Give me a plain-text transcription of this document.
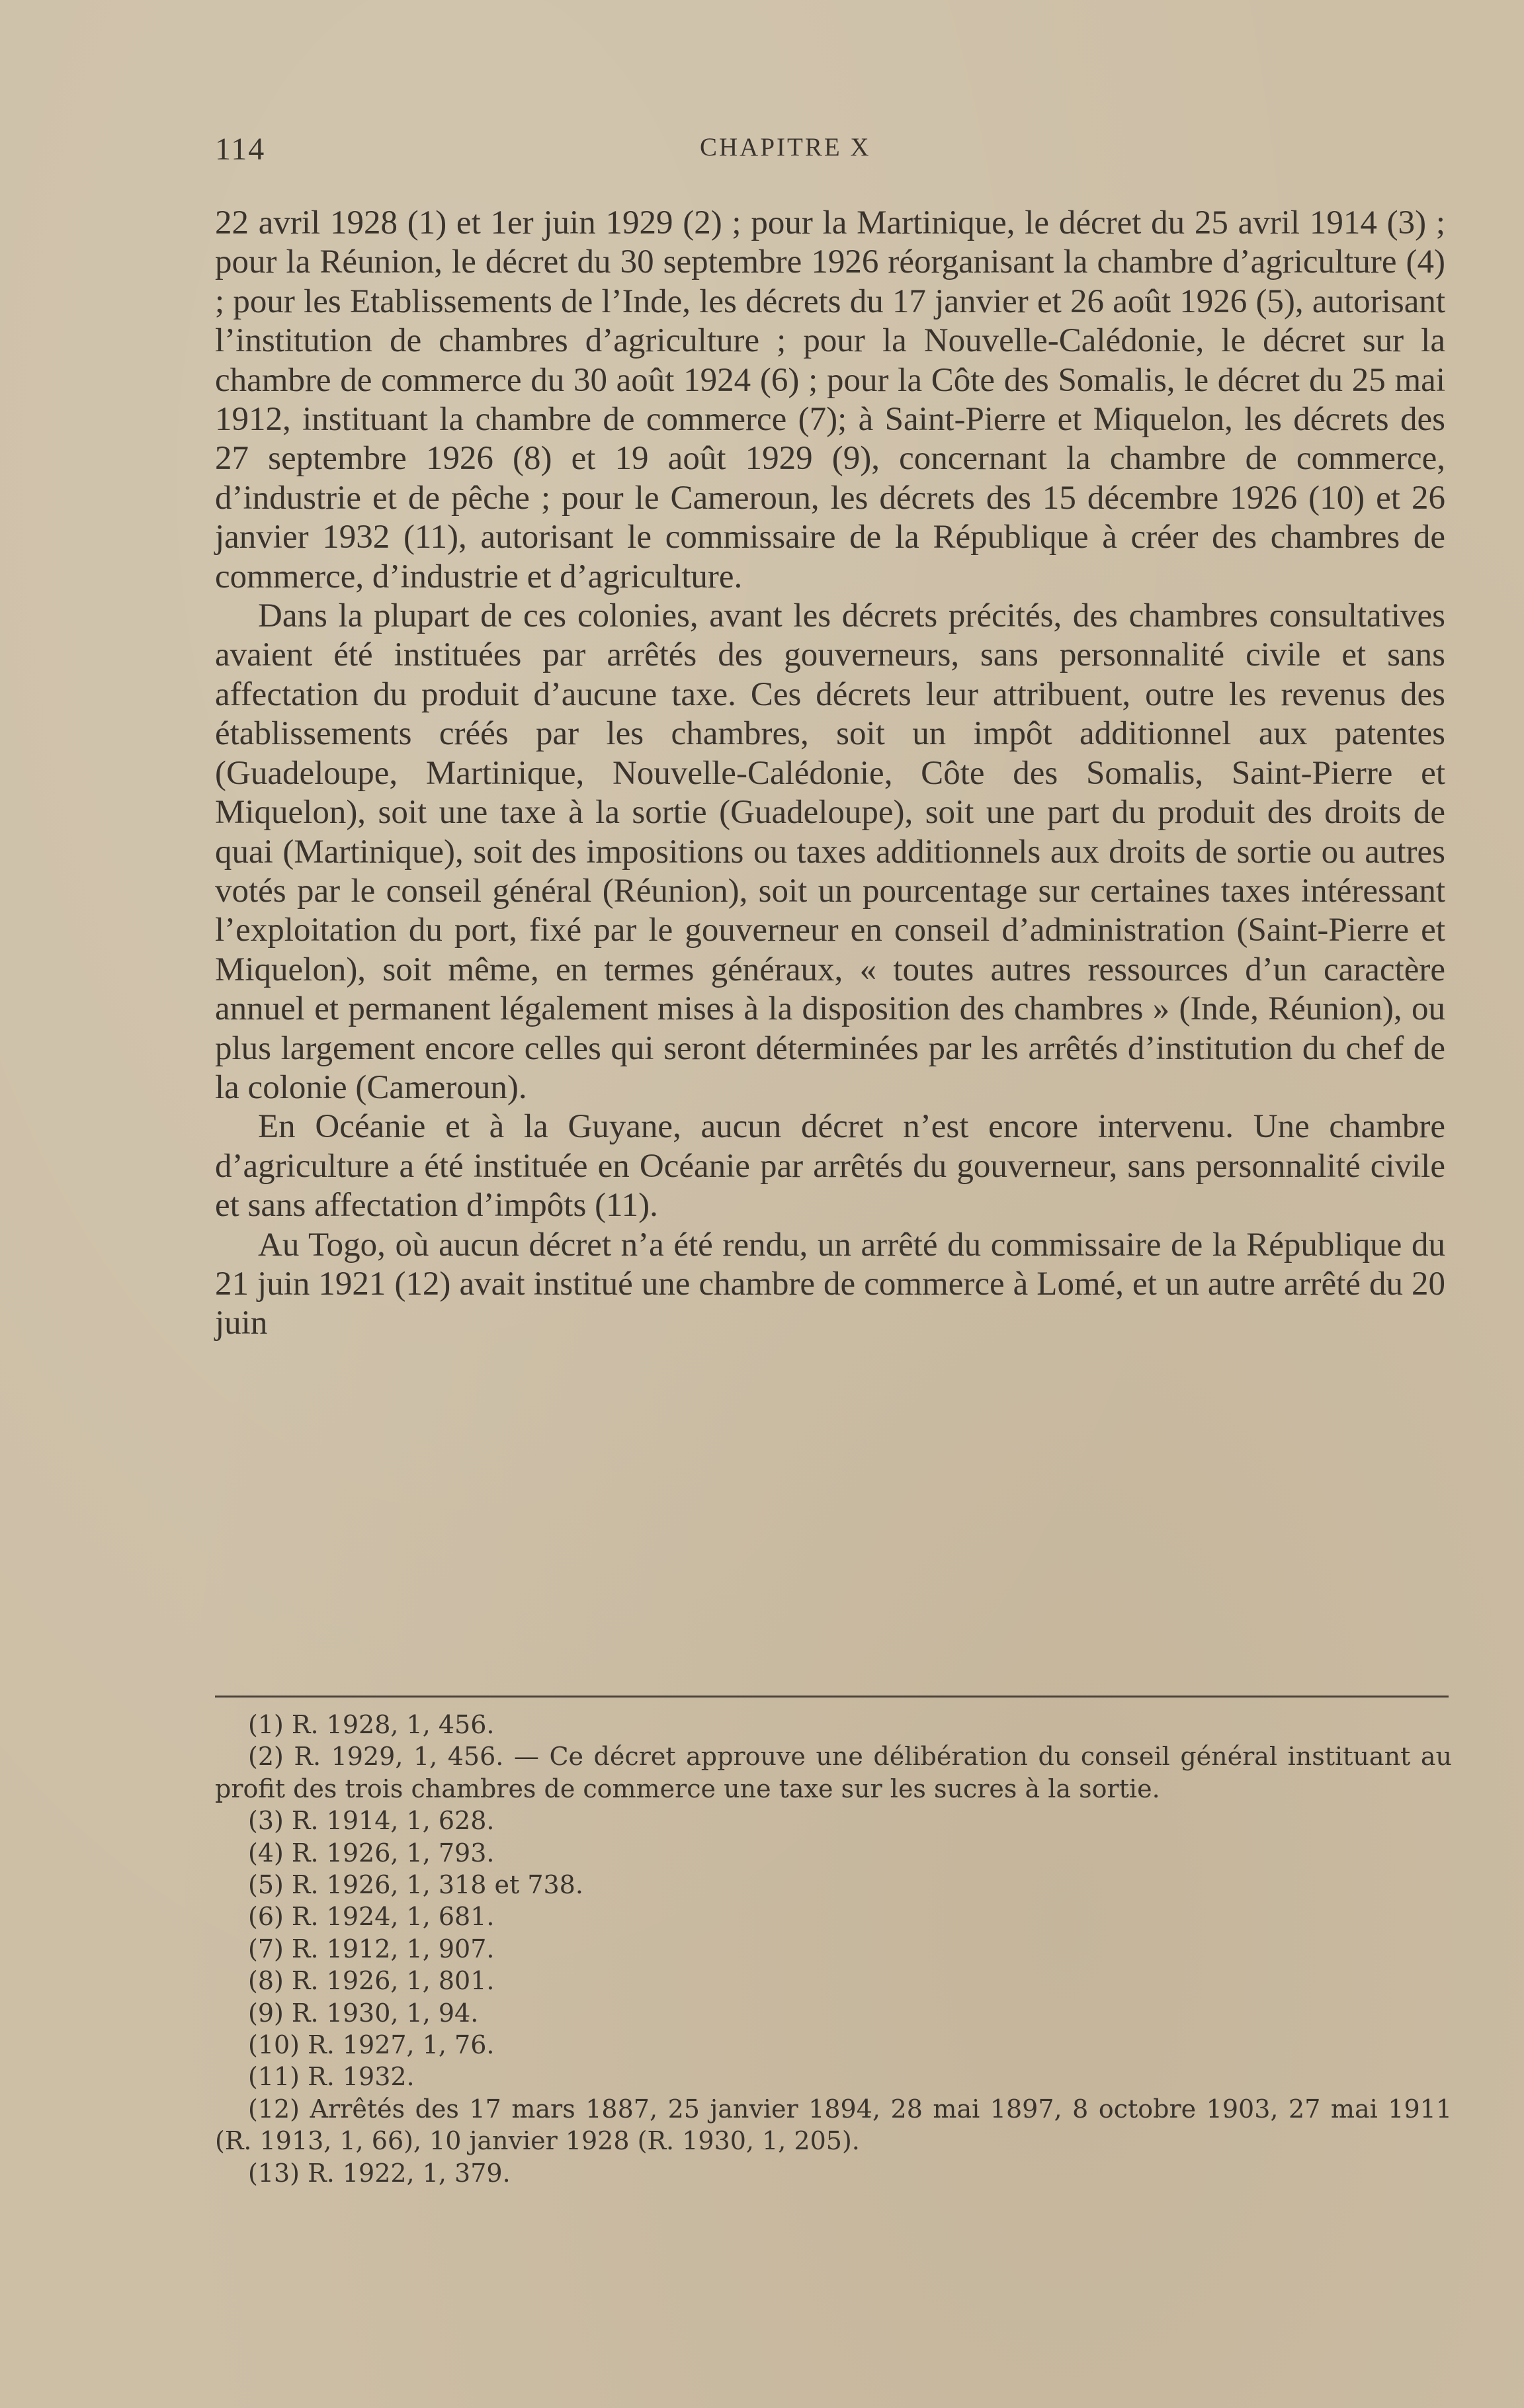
114	CHAPITRE X

22 avril 1928 (1) et 1er juin 1929 (2) ; pour la Martinique, le décret du 25 avril 1914 (3) ; pour la Réunion, le décret du 30 septembre 1926 réorganisant la chambre d’agriculture (4) ; pour les Etablissements de l’Inde, les décrets du 17 janvier et 26 août 1926 (5), autorisant l’institution de chambres d’agriculture ; pour la Nouvelle-Calédonie, le décret sur la chambre de commerce du 30 août 1924 (6) ; pour la Côte des Somalis, le décret du 25 mai 1912, instituant la chambre de commerce (7); à Saint-Pierre et Miquelon, les décrets des 27 septembre 1926 (8) et 19 août 1929 (9), concernant la chambre de commerce, d’industrie et de pêche ; pour le Cameroun, les décrets des 15 décembre 1926 (10) et 26 janvier 1932 (11), autorisant le commissaire de la République à créer des chambres de commerce, d’industrie et d’agriculture.

Dans la plupart de ces colonies, avant les décrets précités, des chambres consultatives avaient été instituées par arrêtés des gouverneurs, sans personnalité civile et sans affectation du produit d’aucune taxe. Ces décrets leur attribuent, outre les revenus des établissements créés par les chambres, soit un impôt additionnel aux patentes (Guadeloupe, Martinique, Nouvelle-Calédonie, Côte des Somalis, Saint-Pierre et Miquelon), soit une taxe à la sortie (Guadeloupe), soit une part du produit des droits de quai (Martinique), soit des impositions ou taxes additionnels aux droits de sortie ou autres votés par le conseil général (Réunion), soit un pourcentage sur certaines taxes intéressant l’exploitation du port, fixé par le gouverneur en conseil d’administration (Saint-Pierre et Miquelon), soit même, en termes généraux, « toutes autres ressources d’un caractère annuel et permanent légalement mises à la disposition des chambres » (Inde, Réunion), ou plus largement encore celles qui seront déterminées par les arrêtés d’institution du chef de la colonie (Cameroun).

En Océanie et à la Guyane, aucun décret n’est encore intervenu. Une chambre d’agriculture a été instituée en Océanie par arrêtés du gouverneur, sans personnalité civile et sans affectation d’impôts (11).

Au Togo, où aucun décret n’a été rendu, un arrêté du commissaire de la République du 21 juin 1921 (12) avait institué une chambre de commerce à Lomé, et un autre arrêté du 20 juin

(1) R. 1928, 1, 456.

(2) R. 1929, 1, 456. — Ce décret approuve une délibération du conseil général instituant au profit des trois chambres de commerce une taxe sur les sucres à la sortie.

(3) R. 1914, 1, 628.

(4) R. 1926, 1, 793.

(5) R. 1926, 1, 318 et 738.

(6) R. 1924, 1, 681.

(7) R. 1912, 1, 907.

(8) R. 1926, 1, 801.

(9) R. 1930, 1, 94.

(10) R. 1927, 1, 76.

(11) R. 1932.

(12) Arrêtés des 17 mars 1887, 25 janvier 1894, 28 mai 1897, 8 octobre 1903, 27 mai 1911 (R. 1913, 1, 66), 10 janvier 1928 (R. 1930, 1, 205).

(13) R. 1922, 1, 379.
